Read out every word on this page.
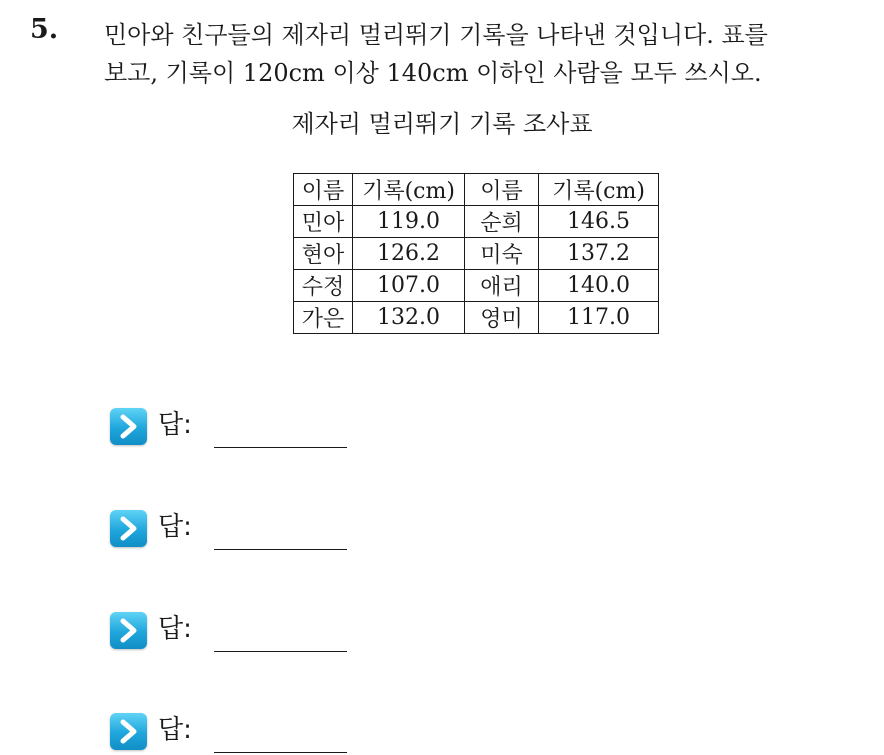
5. 민아와 친구들의 제자리 멀리뛰기 기록을 나타낸 것입니다. 표를
보고, 기록이 120cm 이상 140cm 이하인 사람을 모두 쓰시오.
제자리 멀리뛰기 기록 조사표
이름	기록(cm)	이름	기록(cm)
민아	119.0	순희	146.5
현아	126.2	미숙	137.2
수정	107.0	애리	140.0
가은	132.0	영미	117.0
답:
답:
답:
답:
